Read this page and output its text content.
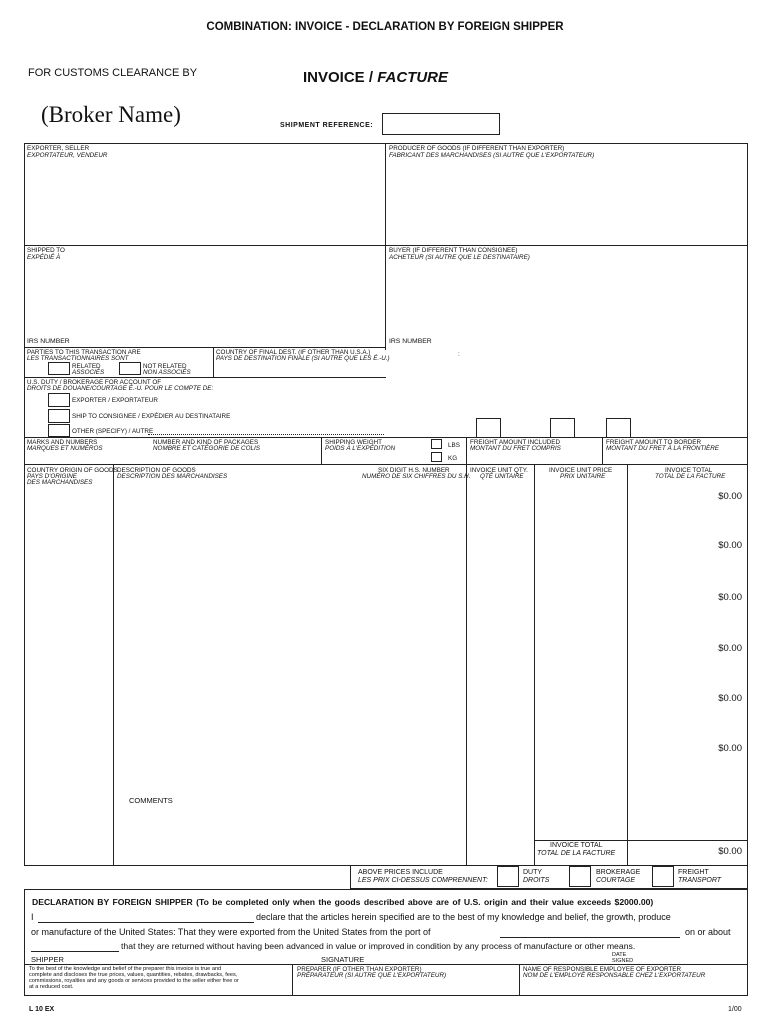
COMBINATION: INVOICE - DECLARATION BY FOREIGN SHIPPER
FOR CUSTOMS CLEARANCE BY	INVOICE / FACTURE
(Broker Name)	SHIPMENT REFERENCE:
EXPORTER, SELLER
EXPORTATEUR, VENDEUR
PRODUCER OF GOODS (IF DIFFERENT THAN EXPORTER)
FABRICANT DES MARCHANDISES (SI AUTRE QUE L'EXPORTATEUR)
SHIPPED TO
EXPÉDIÉ À
BUYER (IF DIFFERENT THAN CONSIGNEE)
ACHETEUR (SI AUTRE QUE LE DESTINATAIRE)
IRS NUMBER	IRS NUMBER
PARTIES TO THIS TRANSACTION ARE
LES TRANSACTIONNAIRES SONT
RELATED
ASSOCIÉS
NOT RELATED
NON ASSOCIÉS
COUNTRY OF FINAL DEST. (IF OTHER THAN U.S.A.)
PAYS DE DESTINATION FINALE (SI AUTRE QUE LES É.-U.)
:
U.S. DUTY / BROKERAGE FOR ACCOUNT OF
DROITS DE DOUANE/COURTAGE É.-U. POUR LE COMPTE DE:
EXPORTER / EXPORTATEUR
SHIP TO CONSIGNEE / EXPÉDIER AU DESTINATAIRE
OTHER (SPECIFY) / AUTRE
MARKS AND NUMBERS
MARQUES ET NUMÉROS
NUMBER AND KIND OF PACKAGES
NOMBRE ET CATÉGORIE DE COLIS
SHIPPING WEIGHT
POIDS À L'EXPÉDITION	LBS
KG
FREIGHT AMOUNT INCLUDED
MONTANT DU FRET COMPRIS
FREIGHT AMOUNT TO BORDER
MONTANT DU FRET À LA FRONTIÈRE
COUNTRY ORIGIN OF GOODS
PAYS D'ORIGINE
DES MARCHANDISES
DESCRIPTION OF GOODS
DESCRIPTION DES MARCHANDISES
SIX DIGIT H.S. NUMBER
NUMÉRO DE SIX CHIFFRES DU S.H.
INVOICE UNIT QTY.
QTÉ UNITAIRE
INVOICE UNIT PRICE
PRIX UNITAIRE
INVOICE TOTAL
TOTAL DE LA FACTURE
$0.00
$0.00
$0.00
$0.00
$0.00
$0.00
COMMENTS
INVOICE TOTAL
TOTAL DE LA FACTURE	$0.00
ABOVE PRICES INCLUDE
LES PRIX CI-DESSUS COMPRENNENT:
DUTY
DROITS
BROKERAGE
COURTAGE
FREIGHT
TRANSPORT
DECLARATION BY FOREIGN SHIPPER (To be completed only when the goods described above are of U.S. origin and their value exceeds $2000.00)
I	declare that the articles herein specified are to the best of my knowledge and belief, the growth, produce
or manufacture of the United States: That they were exported from the United States from the port of	on or about
that they are returned without having been advanced in value or improved in condition by any process of manufacture or other means.
DATE
SIGNED
SHIPPER	SIGNATURE
To the best of the knowledge and belief of the preparer this invoice is true and
complete and discloses the true prices, values, quantities, rebates, drawbacks, fees,
commissions, royalties and any goods or services provided to the seller either free or
at a reduced cost.
PREPARER (IF OTHER THAN EXPORTER)
PRÉPARATEUR (SI AUTRE QUE L'EXPORTATEUR)
NAME OF RESPONSIBLE EMPLOYEE OF EXPORTER
NOM DE L'EMPLOYÉ RESPONSABLE CHEZ L'EXPORTATEUR
L 10 EX	1/00
